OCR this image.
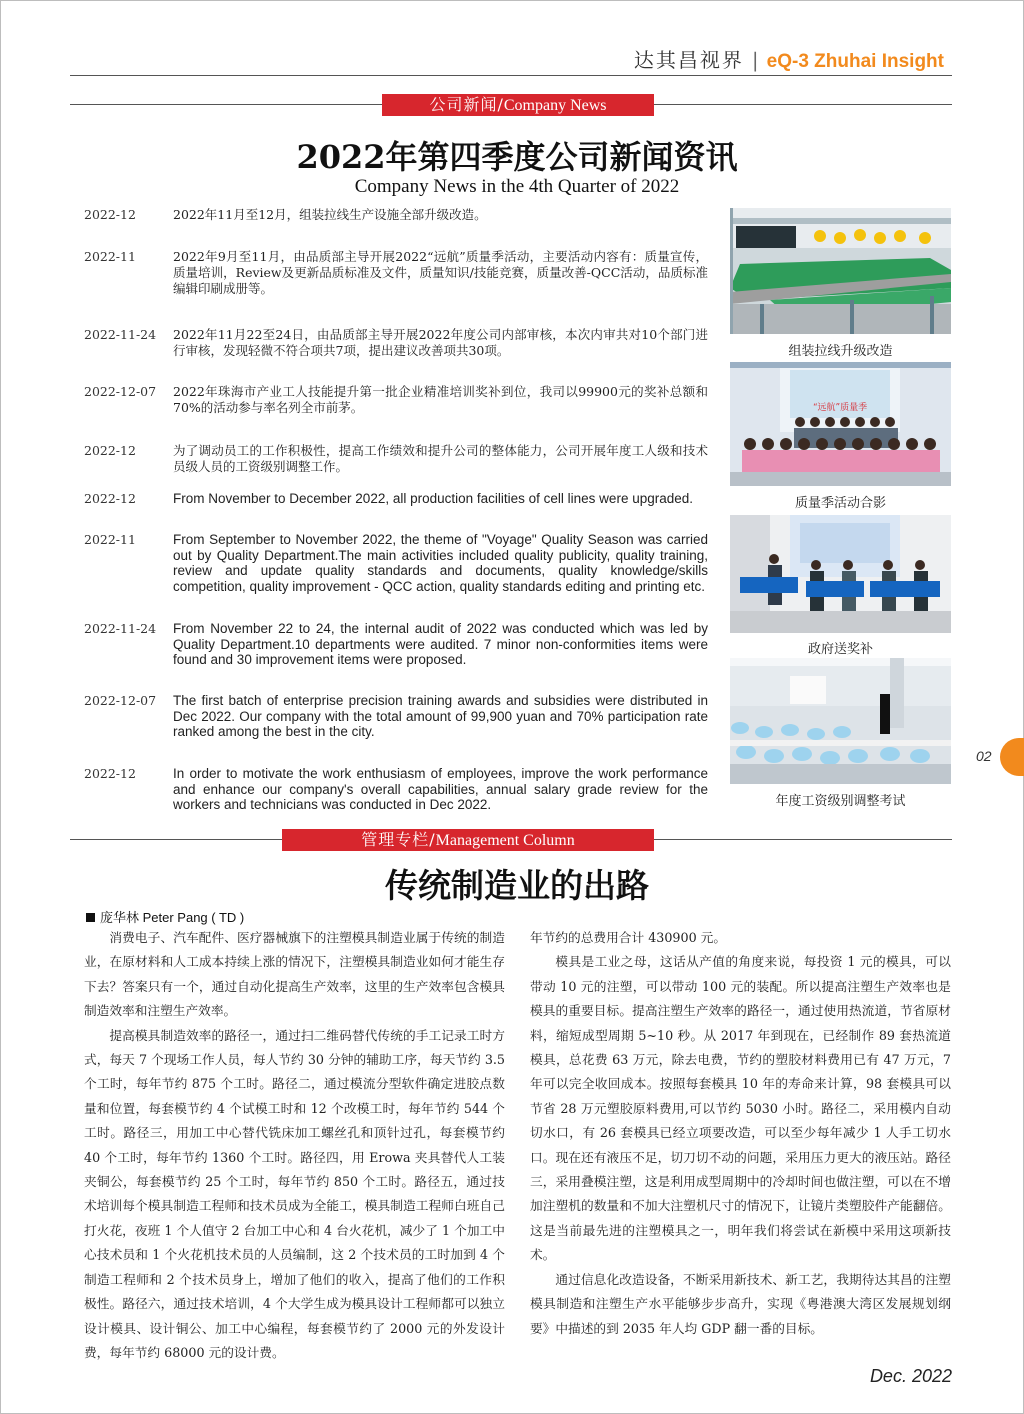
达其昌视界 | eQ-3 Zhuhai Insight
公司新闻/Company News
2022年第四季度公司新闻资讯
Company News in the 4th Quarter of 2022
2022-12	2022年11月至12月，组装拉线生产设施全部升级改造。
2022-11	2022年9月至11月，由品质部主导开展2022“远航”质量季活动，主要活动内容有：质量宣传，质量培训，Review及更新品质标准及文件，质量知识/技能竞赛，质量改善-QCC活动，品质标准编辑印刷成册等。
2022-11-24 2022年11月22至24日，由品质部主导开展2022年度公司内部审核，本次内审共对10个部门进行审核，发现轻微不符合项共7项，提出建议改善项共30项。
2022-12-07 2022年珠海市产业工人技能提升第一批企业精准培训奖补到位，我司以99900元的奖补总额和70%的活动参与率名列全市前茅。
2022-12	为了调动员工的工作积极性，提高工作绩效和提升公司的整体能力，公司开展年度工人级和技术员级人员的工资级别调整工作。
2022-12	From November to December 2022, all production facilities of cell lines were upgraded.
2022-11	From September to November 2022, the theme of "Voyage" Quality Season was carried out by Quality Department.The main activities included quality publicity, quality training, review and update quality standards and documents, quality knowledge/skills competition, quality improvement - QCC action, quality standards editing and printing etc.
2022-11-24 From November 22 to 24, the internal audit of 2022 was conducted which was led by Quality Department.10 departments were audited. 7 minor non-conformities items were found and 30 improvement items were proposed.
2022-12-07 The first batch of enterprise precision training awards and subsidies were distributed in Dec 2022. Our company with the total amount of 99,900 yuan and 70% participation rate ranked among the best in the city.
2022-12	In order to motivate the work enthusiasm of employees, improve the work performance and enhance our company's overall capabilities, annual salary grade review for the workers and technicians was conducted in Dec 2022.
组装拉线升级改造
“远航”质量季
质量季活动合影
政府送奖补
年度工资级别调整考试
02
管理专栏/Management Column
传统制造业的出路
庞华林 Peter Pang ( TD )

消费电子、汽车配件、医疗器械旗下的注塑模具制造业属于传统的制造业，在原材料和人工成本持续上涨的情况下，注塑模具制造业如何才能生存下去？答案只有一个，通过自动化提高生产效率，这里的生产效率包含模具制造效率和注塑生产效率。

提高模具制造效率的路径一，通过扫二维码替代传统的手工记录工时方式，每天 7 个现场工作人员，每人节约 30 分钟的辅助工序，每天节约 3.5 个工时，每年节约 875 个工时。路径二，通过模流分型软件确定进胶点数量和位置，每套模节约 4 个试模工时和 12 个改模工时，每年节约 544 个工时。路径三，用加工中心替代铣床加工螺丝孔和顶针过孔，每套模节约 40 个工时，每年节约 1360 个工时。路径四，用 Erowa 夹具替代人工装夹铜公，每套模节约 25 个工时，每年节约 850 个工时。路径五，通过技术培训每个模具制造工程师和技术员成为全能工，模具制造工程师白班自己打火花，夜班 1 个人值守 2 台加工中心和 4 台火花机，减少了 1 个加工中心技术员和 1 个火花机技术员的人员编制，这 2 个技术员的工时加到 4 个制造工程师和 2 个技术员身上，增加了他们的收入，提高了他们的工作积极性。路径六，通过技术培训，4 个大学生成为模具设计工程师都可以独立设计模具、设计铜公、加工中心编程，每套模节约了 2000 元的外发设计费，每年节约 68000 元的设计费。

年节约的总费用合计 430900 元。

模具是工业之母，这话从产值的角度来说，每投资 1 元的模具，可以带动 10 元的注塑，可以带动 100 元的装配。所以提高注塑生产效率也是模具的重要目标。提高注塑生产效率的路径一，通过使用热流道，节省原材料，缩短成型周期 5~10 秒。从 2017 年到现在，已经制作 89 套热流道模具，总花费 63 万元，除去电费，节约的塑胶材料费用已有 47 万元，7 年可以完全收回成本。按照每套模具 10 年的寿命来计算，98 套模具可以节省 28 万元塑胶原料费用,可以节约 5030 小时。路径二，采用模内自动切水口，有 26 套模具已经立项要改造，可以至少每年减少 1 人手工切水口。现在还有液压不足，切刀切不动的问题，采用压力更大的液压站。路径三，采用叠模注塑，这是利用成型周期中的冷却时间也做注塑，可以在不增加注塑机的数量和不加大注塑机尺寸的情况下，让镜片类塑胶件产能翻倍。这是当前最先进的注塑模具之一，明年我们将尝试在新模中采用这项新技术。

通过信息化改造设备，不断采用新技术、新工艺，我期待达其昌的注塑模具制造和注塑生产水平能够步步高升，实现《粤港澳大湾区发展规划纲要》中描述的到 2035 年人均 GDP 翻一番的目标。

Dec. 2022
